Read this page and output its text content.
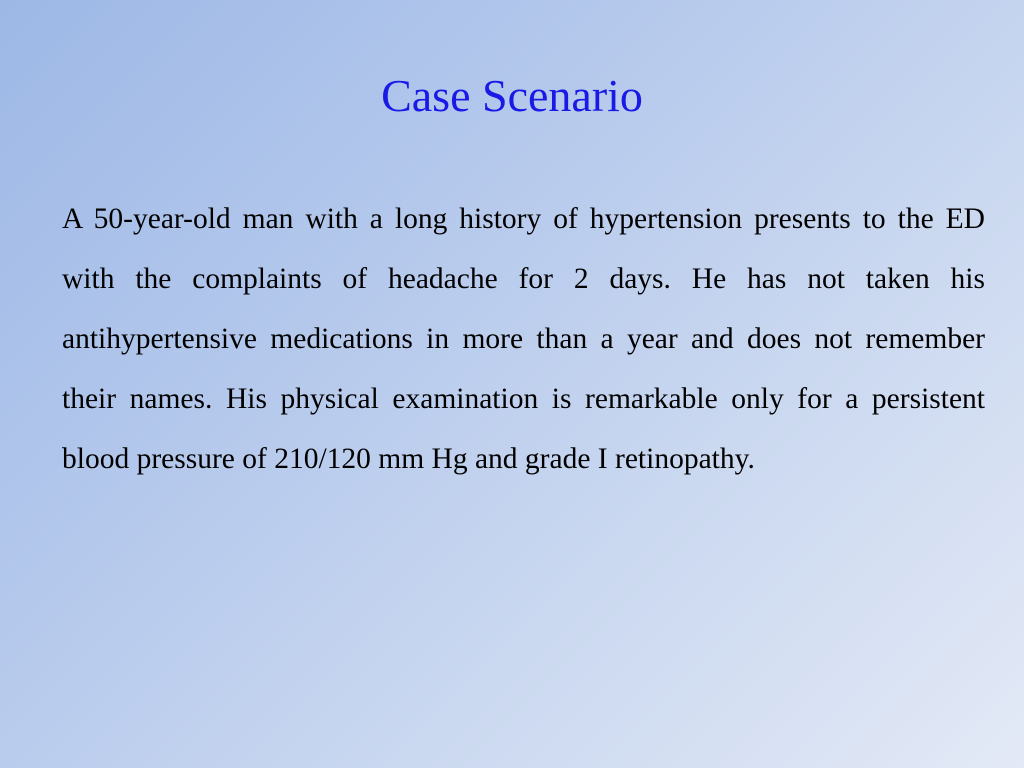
Case Scenario

A 50-year-old man with a long history of hypertension presents to the ED with the complaints of headache for 2 days. He has not taken his antihypertensive medications in more than a year and does not remember their names. His physical examination is remarkable only for a persistent blood pressure of 210/120 mm Hg and grade I retinopathy.
